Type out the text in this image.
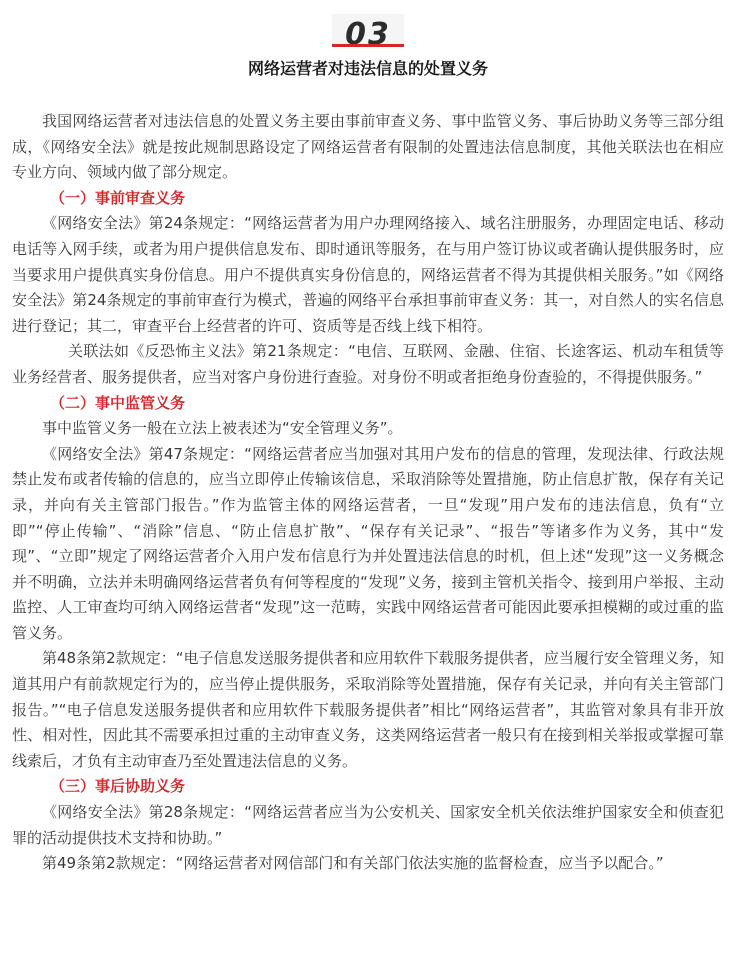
03
网络运营者对违法信息的处置义务

我国网络运营者对违法信息的处置义务主要由事前审查义务、事中监管义务、事后协助义务等三部分组成，《网络安全法》就是按此规制思路设定了网络运营者有限制的处置违法信息制度，其他关联法也在相应专业方向、领域内做了部分规定。

（一）事前审查义务

《网络安全法》第24条规定：“网络运营者为用户办理网络接入、域名注册服务，办理固定电话、移动电话等入网手续，或者为用户提供信息发布、即时通讯等服务，在与用户签订协议或者确认提供服务时，应当要求用户提供真实身份信息。用户不提供真实身份信息的，网络运营者不得为其提供相关服务。”如《网络安全法》第24条规定的事前审查行为模式，普遍的网络平台承担事前审查义务：其一，对自然人的实名信息进行登记；其二，审查平台上经营者的许可、资质等是否线上线下相符。

关联法如《反恐怖主义法》第21条规定：“电信、互联网、金融、住宿、长途客运、机动车租赁等业务经营者、服务提供者，应当对客户身份进行查验。对身份不明或者拒绝身份查验的，不得提供服务。”

（二）事中监管义务

事中监管义务一般在立法上被表述为“安全管理义务”。

《网络安全法》第47条规定：“网络运营者应当加强对其用户发布的信息的管理，发现法律、行政法规禁止发布或者传输的信息的，应当立即停止传输该信息，采取消除等处置措施，防止信息扩散，保存有关记录，并向有关主管部门报告。”作为监管主体的网络运营者，一旦“发现”用户发布的违法信息，负有“立即”“停止传输”、“消除”信息、“防止信息扩散”、“保存有关记录”、“报告”等诸多作为义务，其中“发现”、“立即”规定了网络运营者介入用户发布信息行为并处置违法信息的时机，但上述“发现”这一义务概念并不明确，立法并未明确网络运营者负有何等程度的“发现”义务，接到主管机关指令、接到用户举报、主动监控、人工审查均可纳入网络运营者“发现”这一范畴，实践中网络运营者可能因此要承担模糊的或过重的监管义务。

第48条第2款规定：“电子信息发送服务提供者和应用软件下载服务提供者，应当履行安全管理义务，知道其用户有前款规定行为的，应当停止提供服务，采取消除等处置措施，保存有关记录，并向有关主管部门报告。”“电子信息发送服务提供者和应用软件下载服务提供者”相比“网络运营者”，其监管对象具有非开放性、相对性，因此其不需要承担过重的主动审查义务，这类网络运营者一般只有在接到相关举报或掌握可靠线索后，才负有主动审查乃至处置违法信息的义务。

（三）事后协助义务

《网络安全法》第28条规定：“网络运营者应当为公安机关、国家安全机关依法维护国家安全和侦查犯罪的活动提供技术支持和协助。”

第49条第2款规定：“网络运营者对网信部门和有关部门依法实施的监督检查，应当予以配合。”
